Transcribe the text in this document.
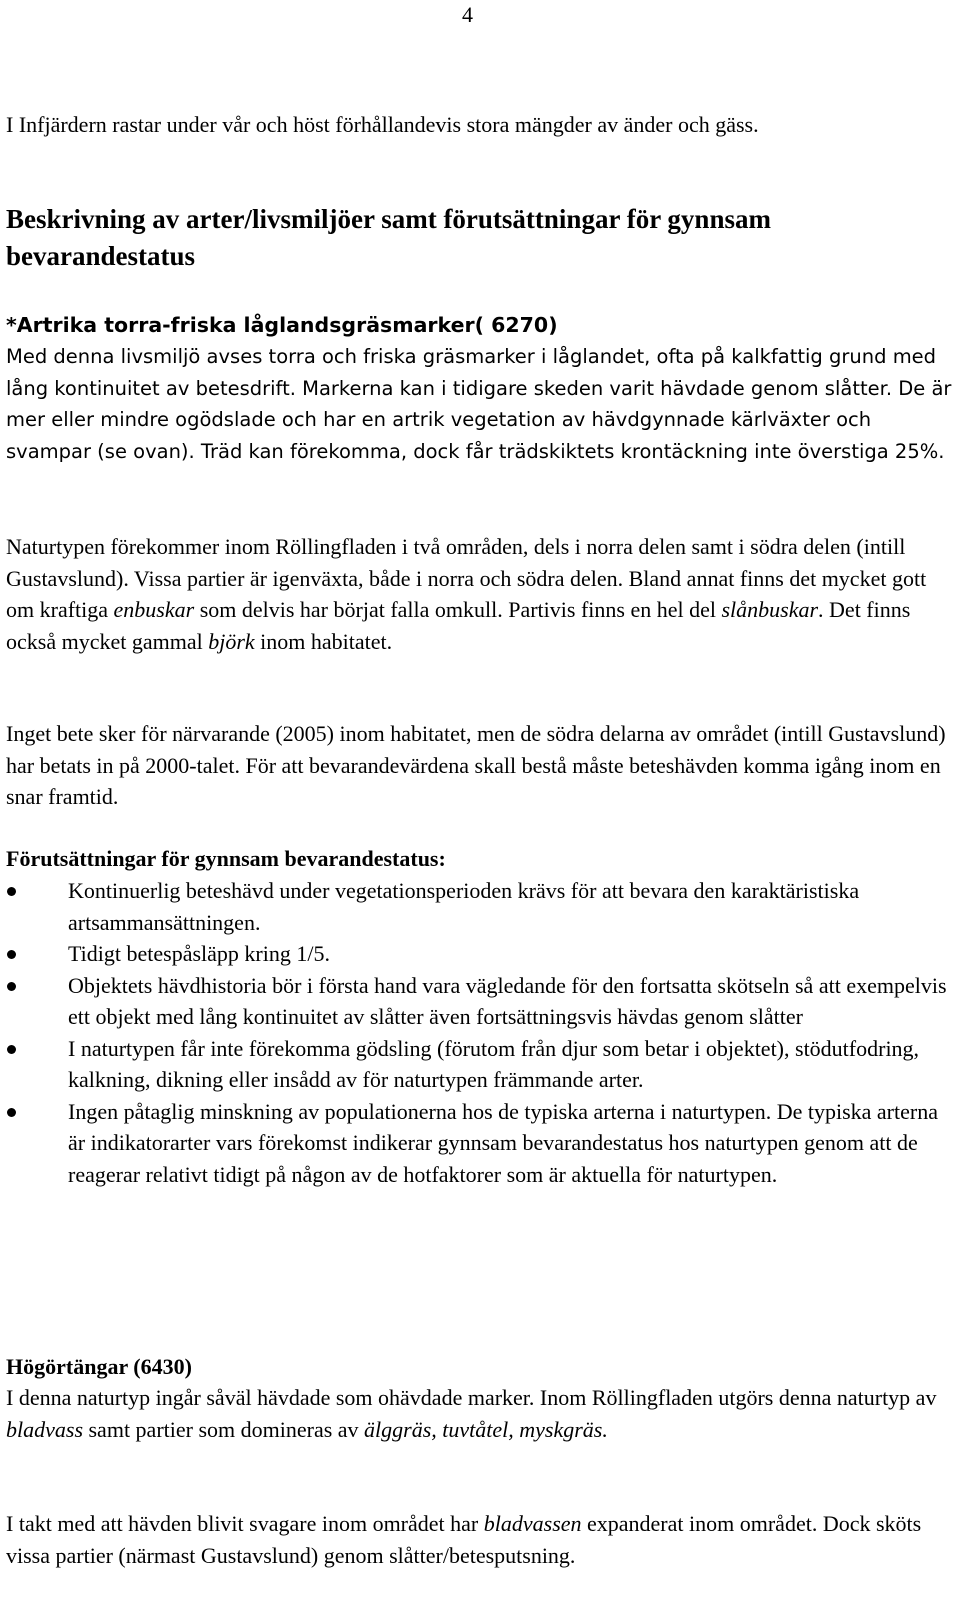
4

I Infjärdern rastar under vår och höst förhållandevis stora mängder av änder och gäss.

Beskrivning av arter/livsmiljöer samt förutsättningar för gynnsam bevarandestatus
*Artrika torra-friska låglandsgräsmarker( 6270)

Med denna livsmiljö avses torra och friska gräsmarker i låglandet, ofta på kalkfattig grund med lång kontinuitet av betesdrift. Markerna kan i tidigare skeden varit hävdade genom slåtter. De är mer eller mindre ogödslade och har en artrik vegetation av hävdgynnade kärlväxter och svampar (se ovan). Träd kan förekomma, dock får trädskiktets krontäckning inte överstiga 25%.

Naturtypen förekommer inom Röllingfladen i två områden, dels i norra delen samt i södra delen (intill Gustavslund). Vissa partier är igenväxta, både i norra och södra delen. Bland annat finns det mycket gott om kraftiga enbuskar som delvis har börjat falla omkull. Partivis finns en hel del slånbuskar. Det finns också mycket gammal björk inom habitatet.

Inget bete sker för närvarande (2005) inom habitatet, men de södra delarna av området (intill Gustavslund) har betats in på 2000-talet. För att bevarandevärdena skall bestå måste beteshävden komma igång inom en snar framtid.

Förutsättningar för gynnsam bevarandestatus:
Kontinuerlig beteshävd under vegetationsperioden krävs för att bevara den karaktäristiska artsammansättningen.
Tidigt betespåsläpp kring 1/5.
Objektets hävdhistoria bör i första hand vara vägledande för den fortsatta skötseln så att exempelvis ett objekt med lång kontinuitet av slåtter även fortsättningsvis hävdas genom slåtter
I naturtypen får inte förekomma gödsling (förutom från djur som betar i objektet), stödutfodring, kalkning, dikning eller insådd av för naturtypen främmande arter.
Ingen påtaglig minskning av populationerna hos de typiska arterna i naturtypen. De typiska arterna är indikatorarter vars förekomst indikerar gynnsam bevarandestatus hos naturtypen genom att de reagerar relativt tidigt på någon av de hotfaktorer som är aktuella för naturtypen.
Högörtängar (6430)

I denna naturtyp ingår såväl hävdade som ohävdade marker. Inom Röllingfladen utgörs denna naturtyp av bladvass samt partier som domineras av älggräs, tuvtåtel, myskgräs.

I takt med att hävden blivit svagare inom området har bladvassen expanderat inom området. Dock sköts vissa partier (närmast Gustavslund) genom slåtter/betesputsning.
